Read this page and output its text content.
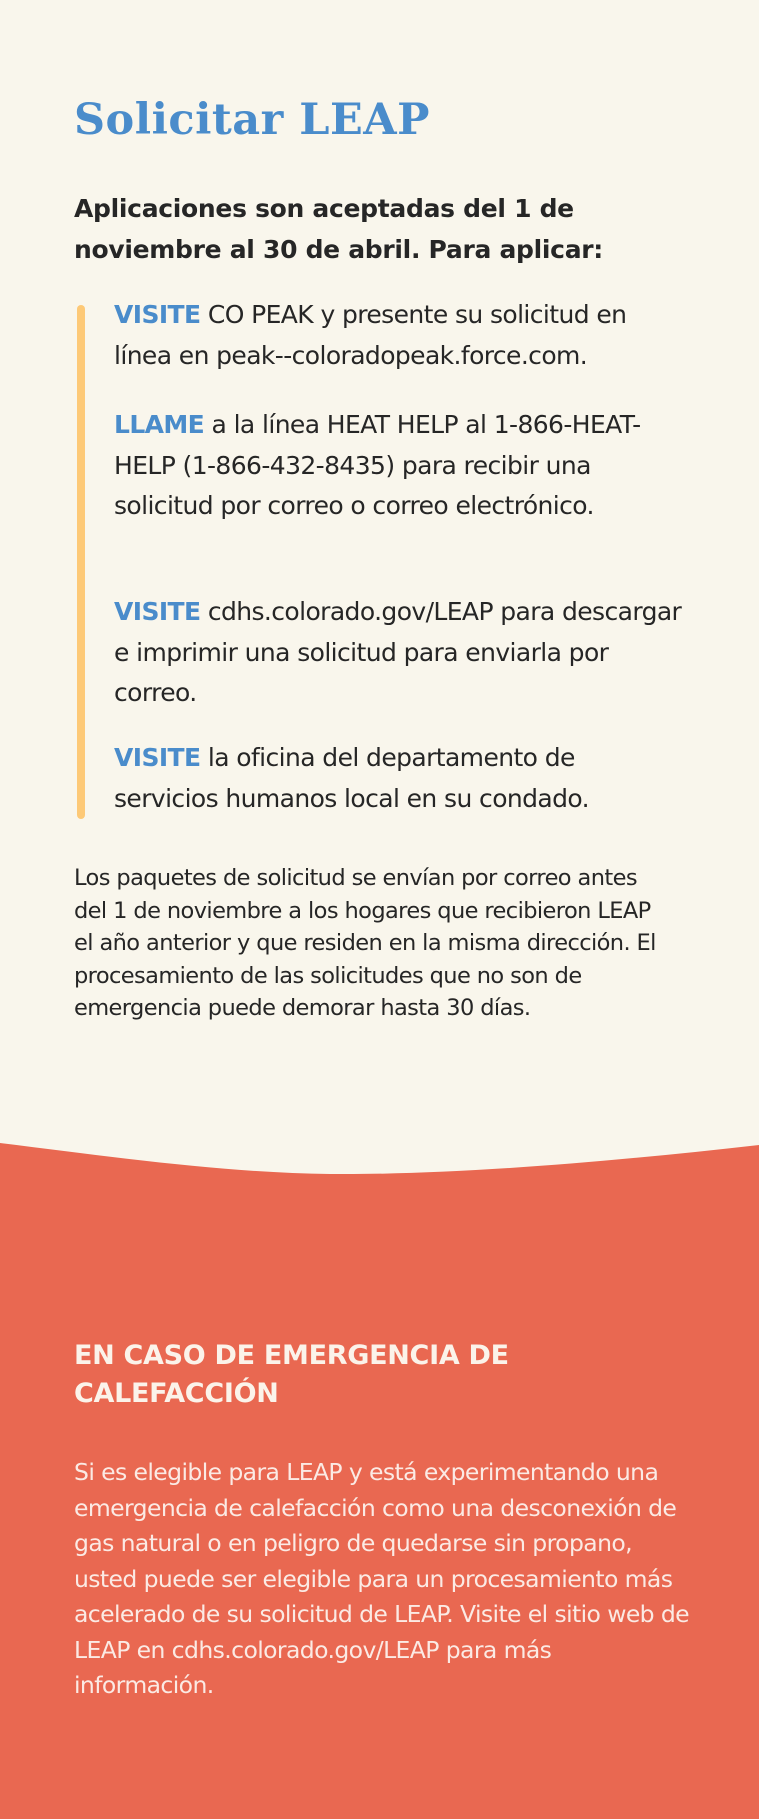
Solicitar LEAP

Aplicaciones son aceptadas del 1 de noviembre al 30 de abril. Para aplicar:

VISITE CO PEAK y presente su solicitud en línea en peak--coloradopeak.force.com.

LLAME a la línea HEAT HELP al 1-866-HEAT-HELP (1-866-432-8435) para recibir una solicitud por correo o correo electrónico.

VISITE cdhs.colorado.gov/LEAP para descargar e imprimir una solicitud para enviarla por correo.

VISITE la oficina del departamento de servicios humanos local en su condado.

Los paquetes de solicitud se envían por correo antes del 1 de noviembre a los hogares que recibieron LEAP el año anterior y que residen en la misma dirección. El procesamiento de las solicitudes que no son de emergencia puede demorar hasta 30 días.

EN CASO DE EMERGENCIA DE CALEFACCIÓN

Si es elegible para LEAP y está experimentando una emergencia de calefacción como una desconexión de gas natural o en peligro de quedarse sin propano, usted puede ser elegible para un procesamiento más acelerado de su solicitud de LEAP. Visite el sitio web de LEAP en cdhs.colorado.gov/LEAP para más información.
